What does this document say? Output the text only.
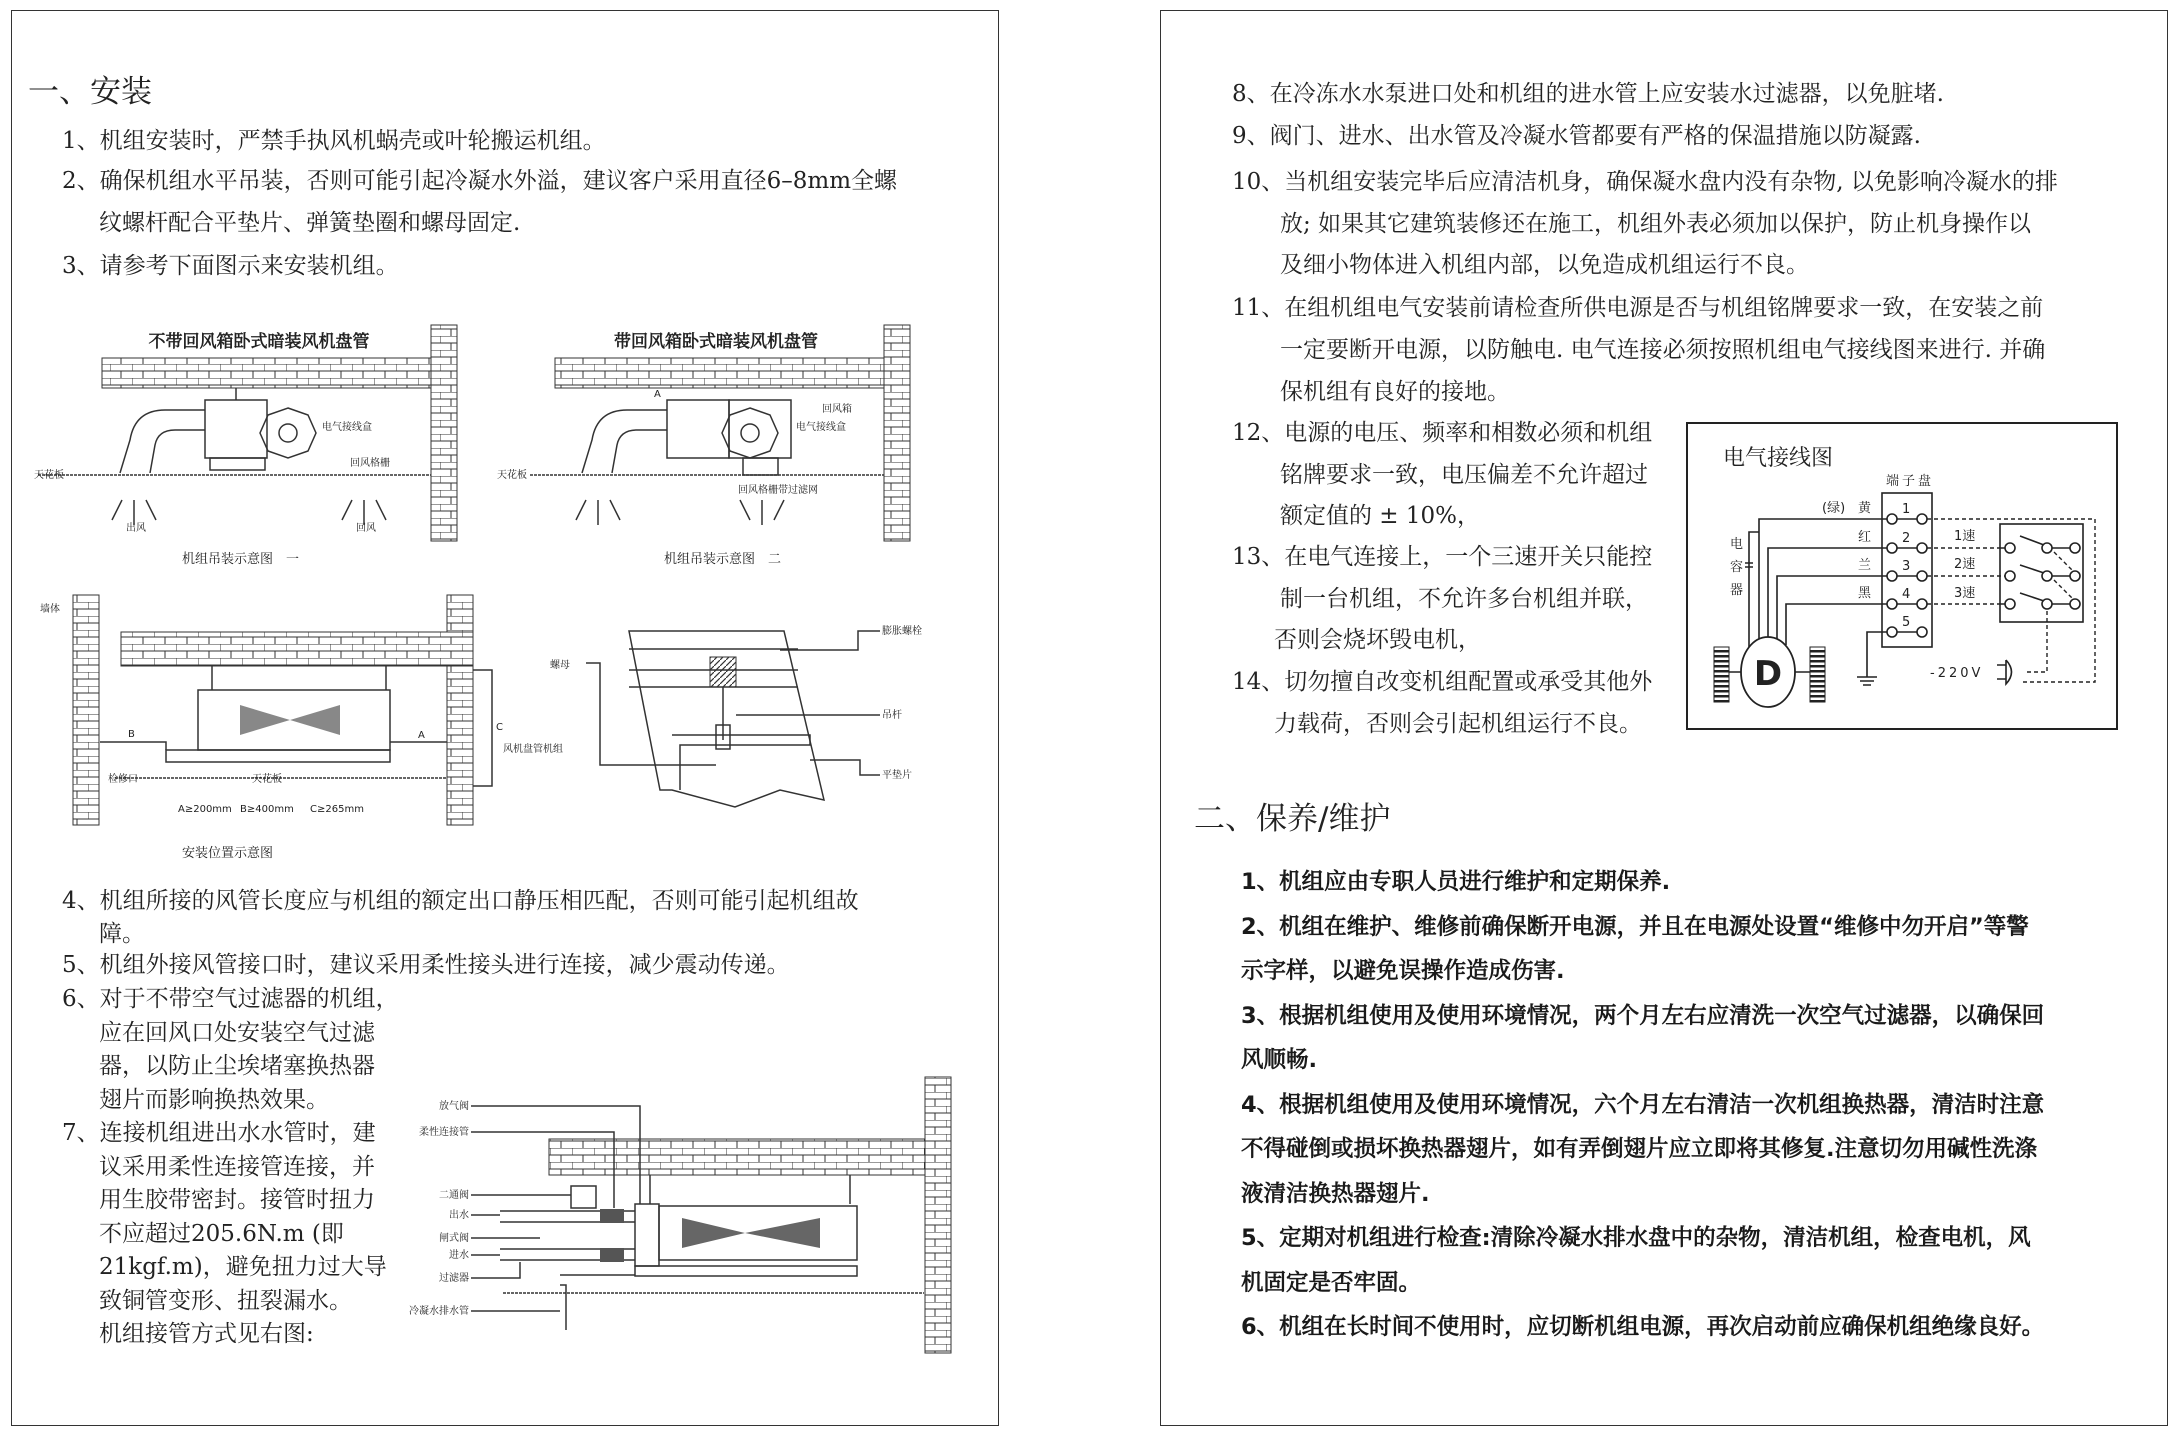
一、安装
1、机组安装时，严禁手执风机蜗壳或叶轮搬运机组。
2、确保机组水平吊装，否则可能引起冷凝水外溢，建议客户采用直径6–8mm全螺
纹螺杆配合平垫片、弹簧垫圈和螺母固定.
3、请参考下面图示来安装机组。
4、机组所接的风管长度应与机组的额定出口静压相匹配，否则可能引起机组故
障。
5、机组外接风管接口时，建议采用柔性接头进行连接，减少震动传递。
6、对于不带空气过滤器的机组，
应在回风口处安装空气过滤
器，以防止尘埃堵塞换热器
翅片而影响换热效果。
7、连接机组进出水水管时，建
议采用柔性连接管连接，并
用生胶带密封。接管时扭力
不应超过205.6N.m (即
21kgf.m)，避免扭力过大导
致铜管变形、扭裂漏水。
机组接管方式见右图:
不带回风箱卧式暗装风机盘管
电气接线盒
回风格栅
天花板
出风	回风
机组吊装示意图　一
带回风箱卧式暗装风机盘管
A
回风箱
电气接线盒
天花板
回风格栅带过滤网
机组吊装示意图　二
墙体
B	A
C
风机盘管机组
检修口	天花板
A≥200mm B≥400mm C≥265mm
安装位置示意图
膨胀螺栓
螺母
吊杆
平垫片
放气阀
柔性连接管
二通阀
出水
闸式阀
进水
过滤器
冷凝水排水管
8、在冷冻水水泵进口处和机组的进水管上应安装水过滤器，以免脏堵.
9、阀门、进水、出水管及冷凝水管都要有严格的保温措施以防凝露.
10、当机组安装完毕后应清洁机身，确保凝水盘内没有杂物, 以免影响冷凝水的排
放; 如果其它建筑装修还在施工，机组外表必须加以保护，防止机身操作以
及细小物体进入机组内部，以免造成机组运行不良。
11、在组机组电气安装前请检查所供电源是否与机组铭牌要求一致，在安装之前
一定要断开电源，以防触电. 电气连接必须按照机组电气接线图来进行. 并确
保机组有良好的接地。
12、电源的电压、频率和相数必须和机组
铭牌要求一致，电压偏差不允许超过
额定值的 ± 10%，
13、在电气连接上，一个三速开关只能控
制一台机组，不允许多台机组并联，
否则会烧坏毁电机，
14、切勿擅自改变机组配置或承受其他外
力载荷，否则会引起机组运行不良。
电气接线图
端子盘
1
2
3
4
5
(绿) 黄
红
兰
黑
电
容
器
D
1速
2速
3速
-220V
二、保养/维护
1、机组应由专职人员进行维护和定期保养.
2、机组在维护、维修前确保断开电源，并且在电源处设置“维修中勿开启”等警
示字样，以避免误操作造成伤害.
3、根据机组使用及使用环境情况，两个月左右应清洗一次空气过滤器，以确保回
风顺畅.
4、根据机组使用及使用环境情况，六个月左右清洁一次机组换热器，清洁时注意
不得碰倒或损坏换热器翅片，如有弄倒翅片应立即将其修复.注意切勿用碱性洗涤
液清洁换热器翅片.
5、定期对机组进行检查:清除冷凝水排水盘中的杂物，清洁机组，检查电机，风
机固定是否牢固。
6、机组在长时间不使用时，应切断机组电源，再次启动前应确保机组绝缘良好。
